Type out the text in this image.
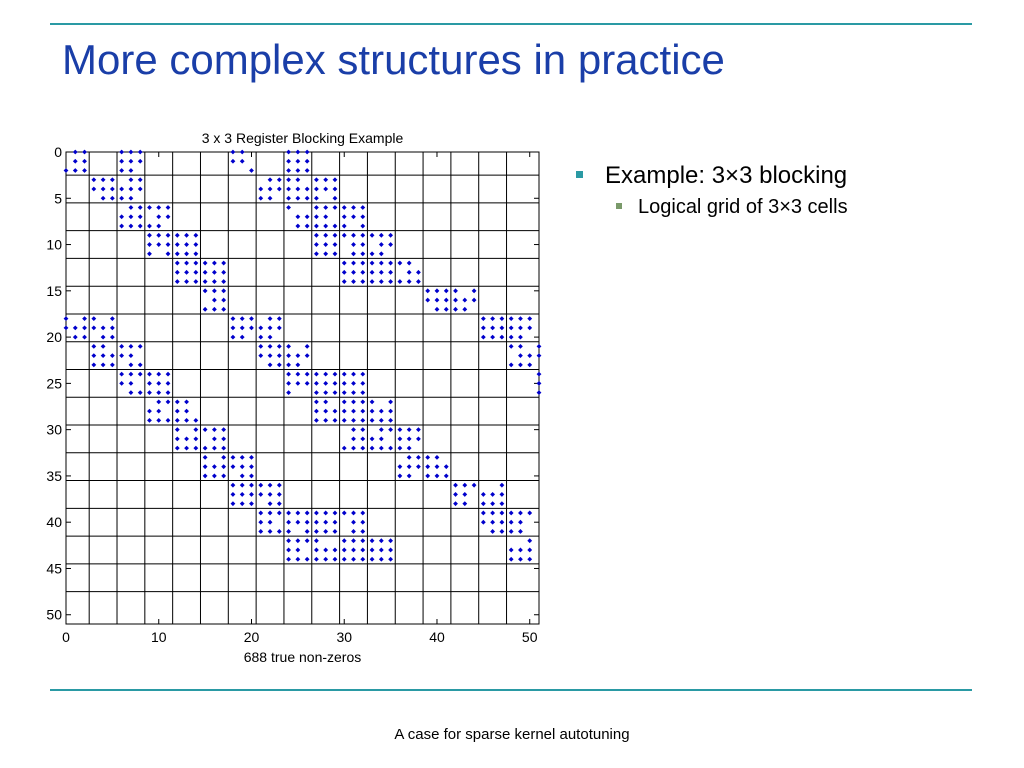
More complex structures in practice
3 x 3 Register Blocking Example
688 true non-zeros
0	10	20	30	40	50
0
5
10
15
20
25
30
35
40
45
50
Example: 3×3 blocking
Logical grid of 3×3 cells
A case for sparse kernel autotuning
